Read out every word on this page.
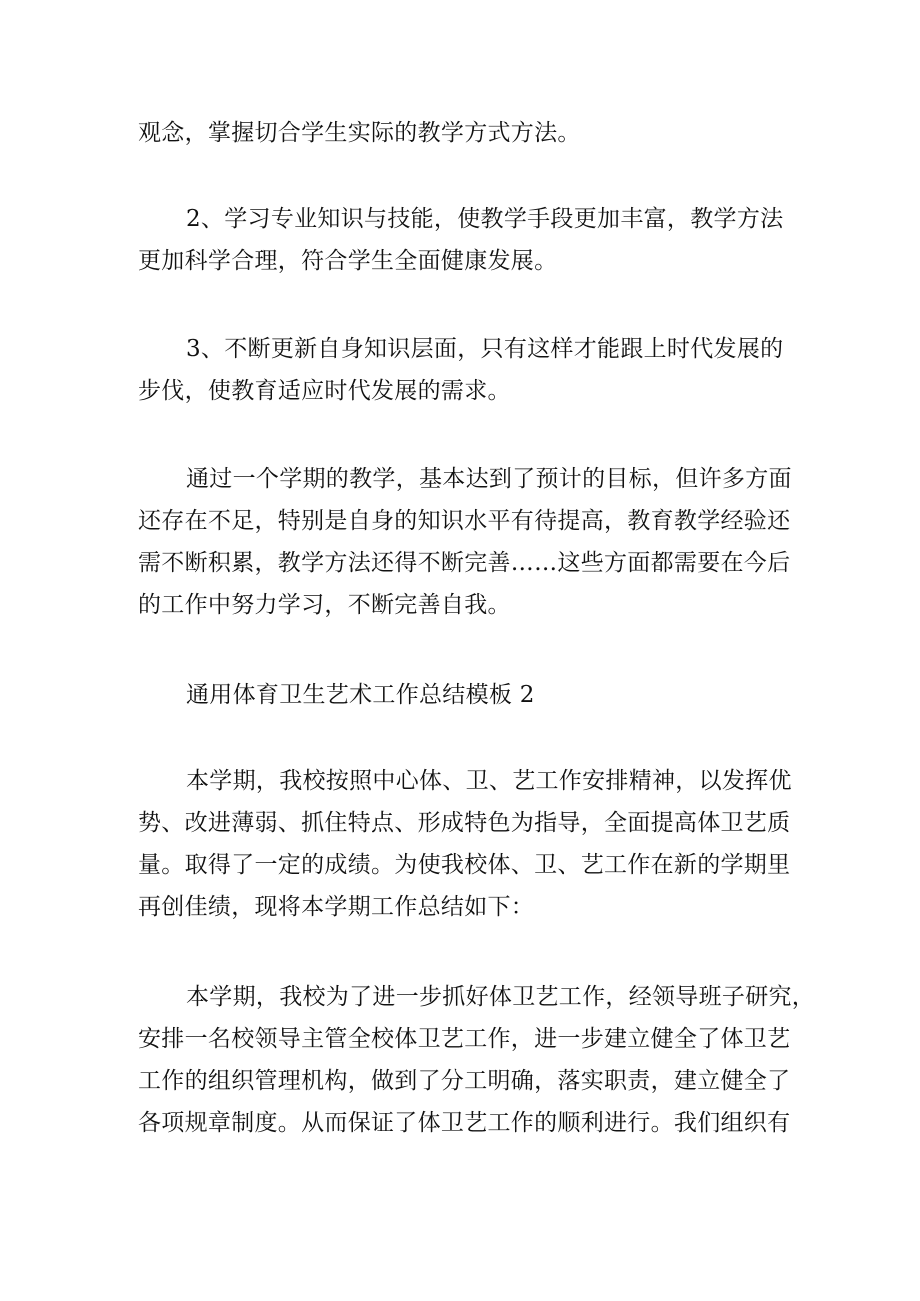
观念，掌握切合学生实际的教学方式方法。

2、学习专业知识与技能，使教学手段更加丰富，教学方法
更加科学合理，符合学生全面健康发展。

3、不断更新自身知识层面，只有这样才能跟上时代发展的
步伐，使教育适应时代发展的需求。

通过一个学期的教学，基本达到了预计的目标，但许多方面
还存在不足，特别是自身的知识水平有待提高，教育教学经验还
需不断积累，教学方法还得不断完善……这些方面都需要在今后
的工作中努力学习，不断完善自我。

通用体育卫生艺术工作总结模板 2

本学期，我校按照中心体、卫、艺工作安排精神，以发挥优
势、改进薄弱、抓住特点、形成特色为指导，全面提高体卫艺质
量。取得了一定的成绩。为使我校体、卫、艺工作在新的学期里
再创佳绩，现将本学期工作总结如下：

本学期，我校为了进一步抓好体卫艺工作，经领导班子研究，
安排一名校领导主管全校体卫艺工作，进一步建立健全了体卫艺
工作的组织管理机构，做到了分工明确，落实职责，建立健全了
各项规章制度。从而保证了体卫艺工作的顺利进行。我们组织有
